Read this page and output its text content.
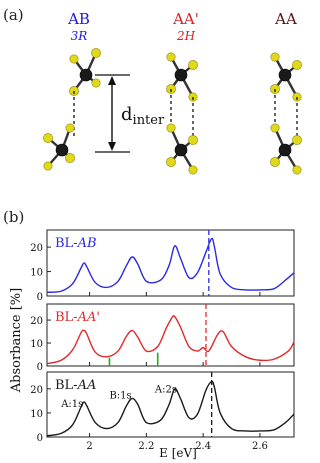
(a)	AB
3R
AA'
2H
AA
$d_{inter}$
(b)
0
10
20 BL-AB
0
10
20 BL-AA'
0
10
20
2	2.2	2.4	2.6
BL-AA
A:1s
B:1s
A:2s
Absorbance [%]
E [eV]
